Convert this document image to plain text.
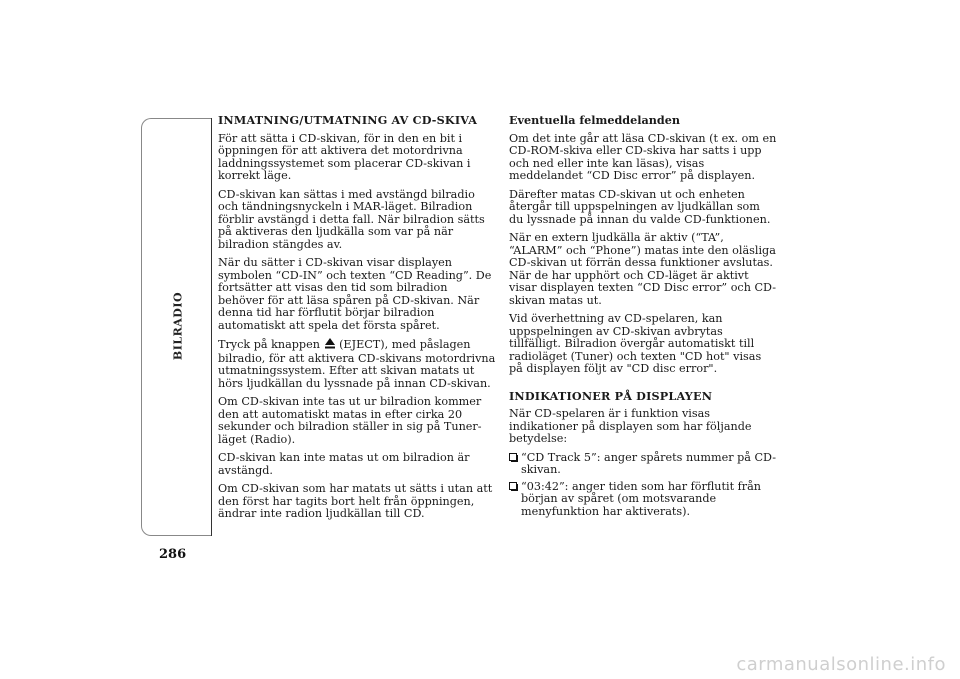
BILRADIO
286

INMATNING/UTMATNING AV CD-SKIVA

För att sätta i CD-skivan, för in den en bit i öppningen för att aktivera det motordrivna laddningssystemet som placerar CD-skivan i korrekt läge.

CD-skivan kan sättas i med avstängd bilradio och tändningsnyckeln i MAR-läget. Bilradion förblir avstängd i detta fall. När bilradion sätts på aktiveras den ljudkälla som var på när bilradion stängdes av.

När du sätter i CD-skivan visar displayen symbolen “CD-IN” och texten “CD Reading”. De fortsätter att visas den tid som bilradion behöver för att läsa spåren på CD-skivan. När denna tid har förflutit börjar bilradion automatiskt att spela det första spåret.

Tryck på knappen (EJECT), med påslagen bilradio, för att aktivera CD-skivans motordrivna utmatningssystem. Efter att skivan matats ut hörs ljudkällan du lyssnade på innan CD-skivan.

Om CD-skivan inte tas ut ur bilradion kommer den att automatiskt matas in efter cirka 20 sekunder och bilradion ställer in sig på Tuner-läget (Radio).

CD-skivan kan inte matas ut om bilradion är avstängd.

Om CD-skivan som har matats ut sätts i utan att den först har tagits bort helt från öppningen, ändrar inte radion ljudkällan till CD.

Eventuella felmeddelanden

Om det inte går att läsa CD-skivan (t ex. om en CD-ROM-skiva eller CD-skiva har satts i upp och ned eller inte kan läsas), visas meddelandet “CD Disc error” på displayen.

Därefter matas CD-skivan ut och enheten återgår till uppspelningen av ljudkällan som du lyssnade på innan du valde CD-funktionen.

När en extern ljudkälla är aktiv (“TA”, “ALARM” och “Phone”) matas inte den oläsliga CD-skivan ut förrän dessa funktioner avslutas. När de har upphört och CD-läget är aktivt visar displayen texten “CD Disc error” och CD-skivan matas ut.

Vid överhettning av CD-spelaren, kan uppspelningen av CD-skivan avbrytas tillfälligt. Bilradion övergår automatiskt till radioläget (Tuner) och texten "CD hot" visas på displayen följt av "CD disc error".

INDIKATIONER PÅ DISPLAYEN

När CD-spelaren är i funktion visas indikationer på displayen som har följande betydelse:

“CD Track 5”: anger spårets nummer på CD-skivan.
“03:42”: anger tiden som har förflutit från början av spåret (om motsvarande menyfunktion har aktiverats).
carmanualsonline.info
